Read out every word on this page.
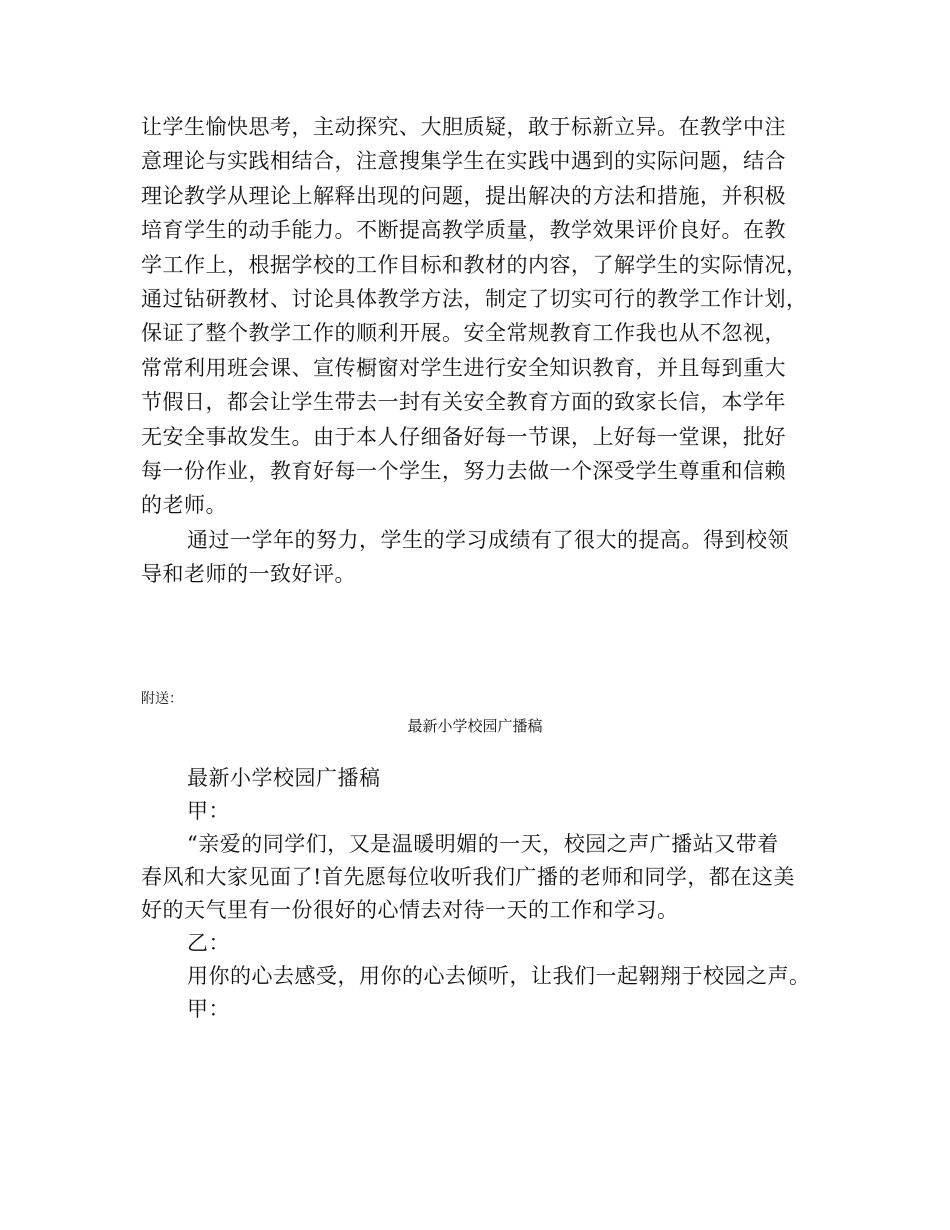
让学生愉快思考，主动探究、大胆质疑，敢于标新立异。在教学中注
意理论与实践相结合，注意搜集学生在实践中遇到的实际问题，结合
理论教学从理论上解释出现的问题，提出解决的方法和措施，并积极
培育学生的动手能力。不断提高教学质量，教学效果评价良好。在教
学工作上，根据学校的工作目标和教材的内容，了解学生的实际情况，
通过钻研教材、讨论具体教学方法，制定了切实可行的教学工作计划，
保证了整个教学工作的顺利开展。安全常规教育工作我也从不忽视，
常常利用班会课、宣传橱窗对学生进行安全知识教育，并且每到重大
节假日，都会让学生带去一封有关安全教育方面的致家长信，本学年
无安全事故发生。由于本人仔细备好每一节课，上好每一堂课，批好
每一份作业，教育好每一个学生，努力去做一个深受学生尊重和信赖
的老师。
通过一学年的努力，学生的学习成绩有了很大的提高。得到校领
导和老师的一致好评。
附送：
最新小学校园广播稿
最新小学校园广播稿
甲：
“亲爱的同学们，又是温暖明媚的一天，校园之声广播站又带着
春风和大家见面了!首先愿每位收听我们广播的老师和同学，都在这美
好的天气里有一份很好的心情去对待一天的工作和学习。
乙：
用你的心去感受，用你的心去倾听，让我们一起翱翔于校园之声。
甲：
